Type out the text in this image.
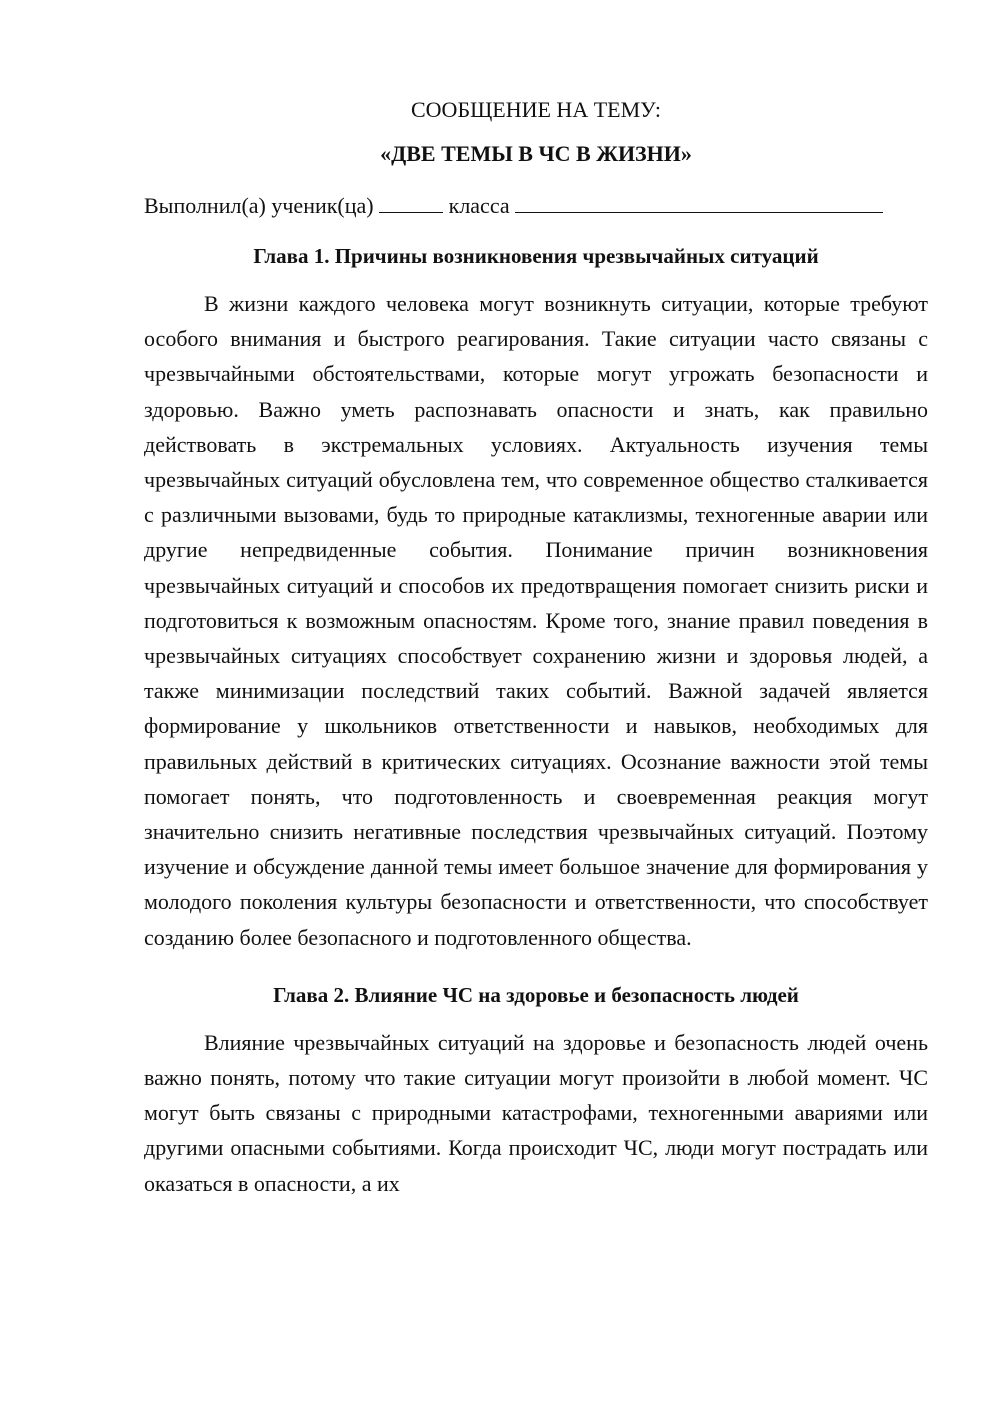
СООБЩЕНИЕ НА ТЕМУ:
«ДВЕ ТЕМЫ В ЧС В ЖИЗНИ»
Выполнил(а) ученик(ца)	класса
Глава 1. Причины возникновения чрезвычайных ситуаций

В жизни каждого человека могут возникнуть ситуации, которые требуют особого внимания и быстрого реагирования. Такие ситуации часто связаны с чрезвычайными обстоятельствами, которые могут угрожать безопасности и здоровью. Важно уметь распознавать опасности и знать, как правильно действовать в экстремальных условиях. Актуальность изучения темы чрезвычайных ситуаций обусловлена тем, что современное общество сталкивается с различными вызовами, будь то природные катаклизмы, техногенные аварии или другие непредвиденные события. Понимание причин возникновения чрезвычайных ситуаций и способов их предотвращения помогает снизить риски и подготовиться к возможным опасностям. Кроме того, знание правил поведения в чрезвычайных ситуациях способствует сохранению жизни и здоровья людей, а также минимизации последствий таких событий. Важной задачей является формирование у школьников ответственности и навыков, необходимых для правильных действий в критических ситуациях. Осознание важности этой темы помогает понять, что подготовленность и своевременная реакция могут значительно снизить негативные последствия чрезвычайных ситуаций. Поэтому изучение и обсуждение данной темы имеет большое значение для формирования у молодого поколения культуры безопасности и ответственности, что способствует созданию более безопасного и подготовленного общества.

Глава 2. Влияние ЧС на здоровье и безопасность людей

Влияние чрезвычайных ситуаций на здоровье и безопасность людей очень важно понять, потому что такие ситуации могут произойти в любой момент. ЧС могут быть связаны с природными катастрофами, техногенными авариями или другими опасными событиями. Когда происходит ЧС, люди могут пострадать или оказаться в опасности, а их
